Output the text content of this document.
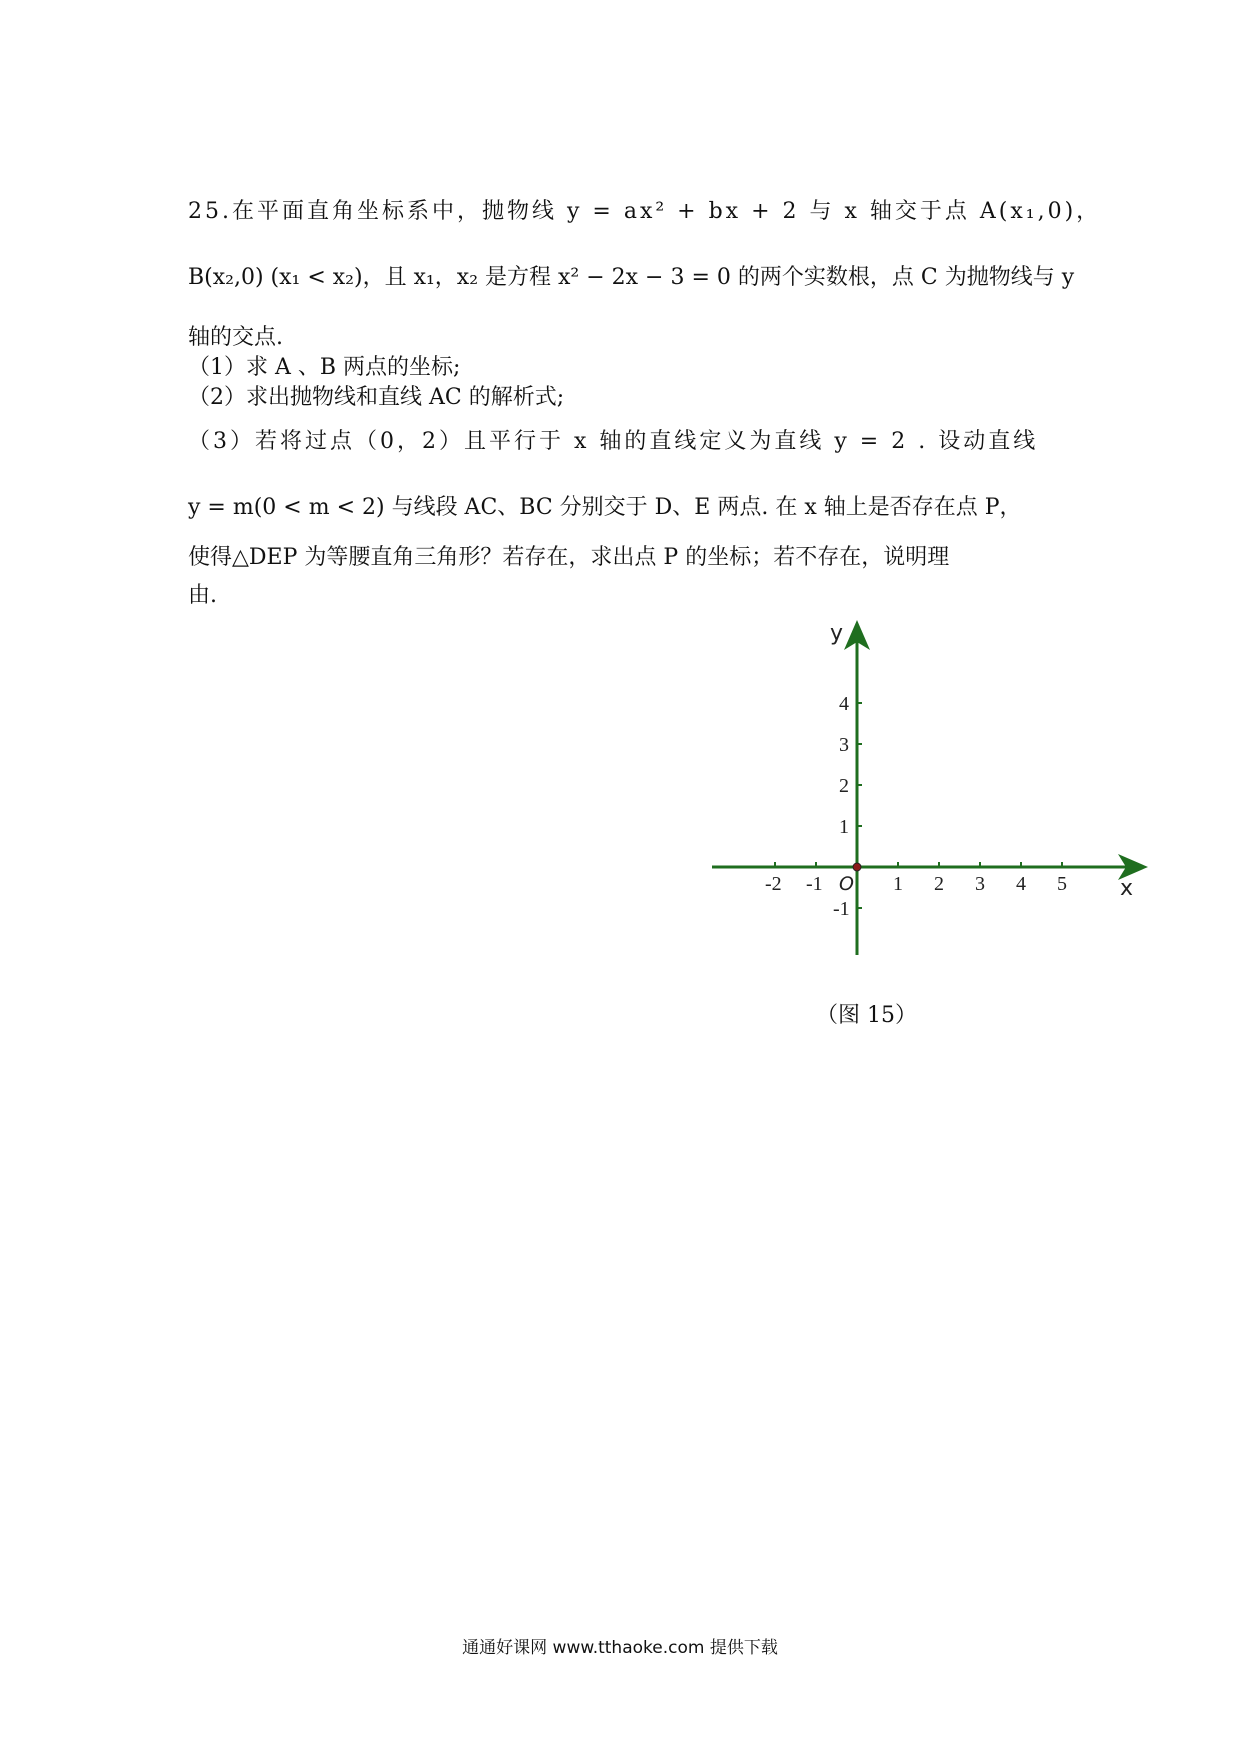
25.在平面直角坐标系中，抛物线 y = ax² + bx + 2 与 x 轴交于点 A(x₁,0)，

B(x₂,0) (x₁ < x₂)，且 x₁，x₂ 是方程 x² − 2x − 3 = 0 的两个实数根，点 C 为抛物线与 y

轴的交点.

（1）求 A 、B 两点的坐标;

（2）求出抛物线和直线 AC 的解析式;

（3）若将过点（0，2）且平行于 x 轴的直线定义为直线 y = 2 . 设动直线

y = m(0 < m < 2) 与线段 AC、BC 分别交于 D、E 两点. 在 x 轴上是否存在点 P，

使得△DEP 为等腰直角三角形？若存在，求出点 P 的坐标；若不存在，说明理

由.

-2 -1	1 2 3 4 5
4
3
2
1
-1
x
y
O
（图 15）
通通好课网 www.tthaoke.com 提供下载
